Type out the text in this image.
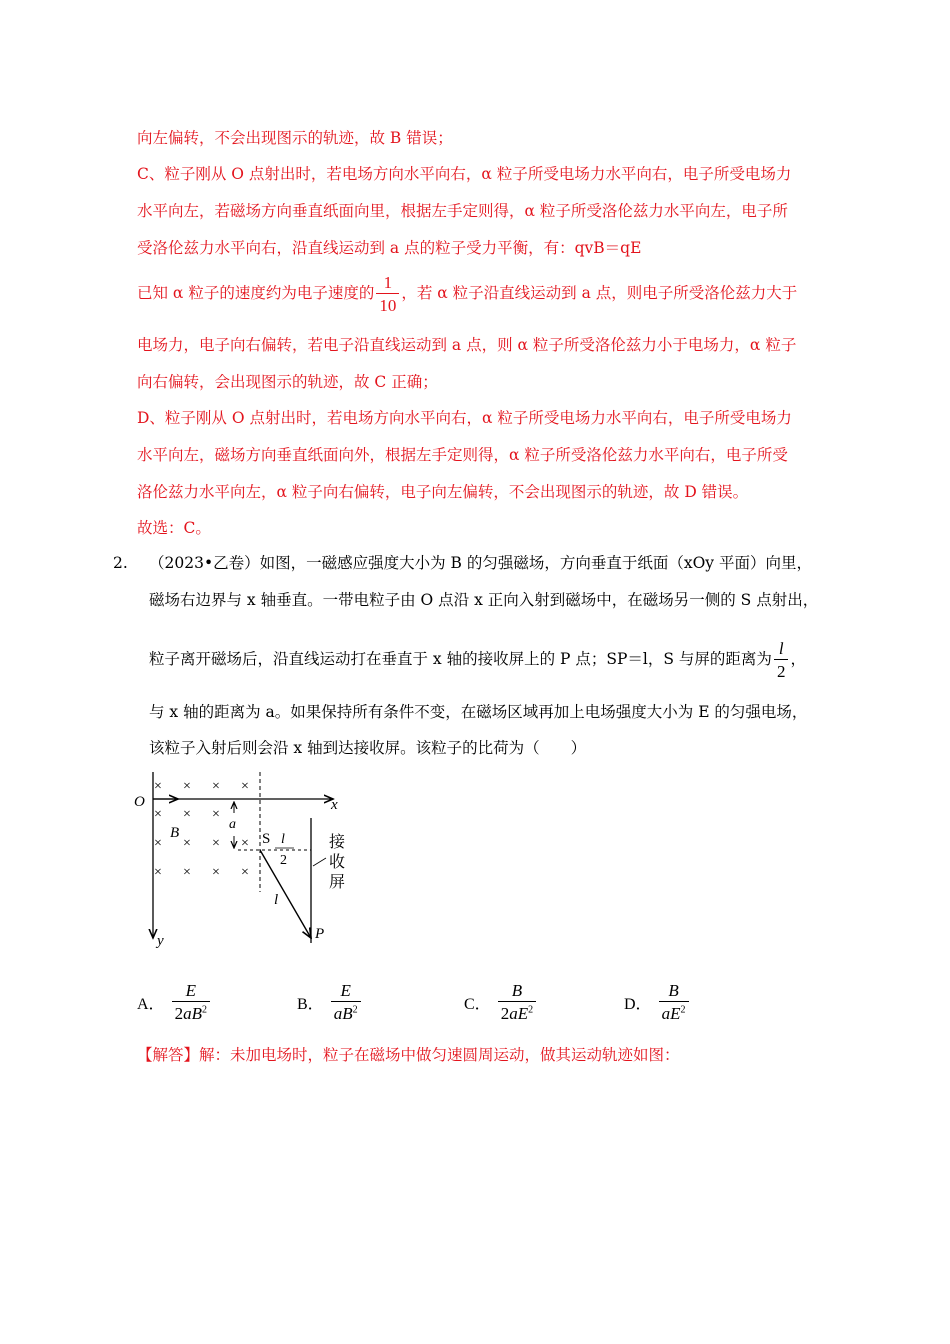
向左偏转，不会出现图示的轨迹，故 B 错误；
C、粒子刚从 O 点射出时，若电场方向水平向右，α 粒子所受电场力水平向右，电子所受电场力
水平向左，若磁场方向垂直纸面向里，根据左手定则得，α 粒子所受洛伦兹力水平向左，电子所
受洛伦兹力水平向右，沿直线运动到 a 点的粒子受力平衡，有：qvB＝qE
已知 α 粒子的速度约为电子速度的 $\frac{1}{10}$ ，若 α 粒子沿直线运动到 a 点，则电子所受洛伦兹力大于
电场力，电子向右偏转，若电子沿直线运动到 a 点，则 α 粒子所受洛伦兹力小于电场力，α 粒子
向右偏转，会出现图示的轨迹，故 C 正确；
D、粒子刚从 O 点射出时，若电场方向水平向右，α 粒子所受电场力水平向右，电子所受电场力
水平向左，磁场方向垂直纸面向外，根据左手定则得，α 粒子所受洛伦兹力水平向右，电子所受
洛伦兹力水平向左，α 粒子向右偏转，电子向左偏转，不会出现图示的轨迹，故 D 错误。
故选：C。
2. （2023•乙卷）如图，一磁感应强度大小为 B 的匀强磁场，方向垂直于纸面（xOy 平面）向里，
磁场右边界与 x 轴垂直。一带电粒子由 O 点沿 x 正向入射到磁场中，在磁场另一侧的 S 点射出，
粒子离开磁场后，沿直线运动打在垂直于 x 轴的接收屏上的 P 点；SP＝l，S 与屏的距离为 $\frac{l}{2}$ ，
与 x 轴的距离为 a。如果保持所有条件不变，在磁场区域再加上电场强度大小为 E 的匀强电场，
该粒子入射后则会沿 x 轴到达接收屏。该粒子的比荷为（　　）
× × × ×
× × ×
× × × ×
× × × ×
O	x
y
B
a
S l
2
l
P
接
收
屏
A． $\frac{E}{2aB^2}$	B． $\frac{E}{aB^2}$	C． $\frac{B}{2aE^2}$	D． $\frac{B}{aE^2}$
【解答】解：未加电场时，粒子在磁场中做匀速圆周运动，做其运动轨迹如图：
